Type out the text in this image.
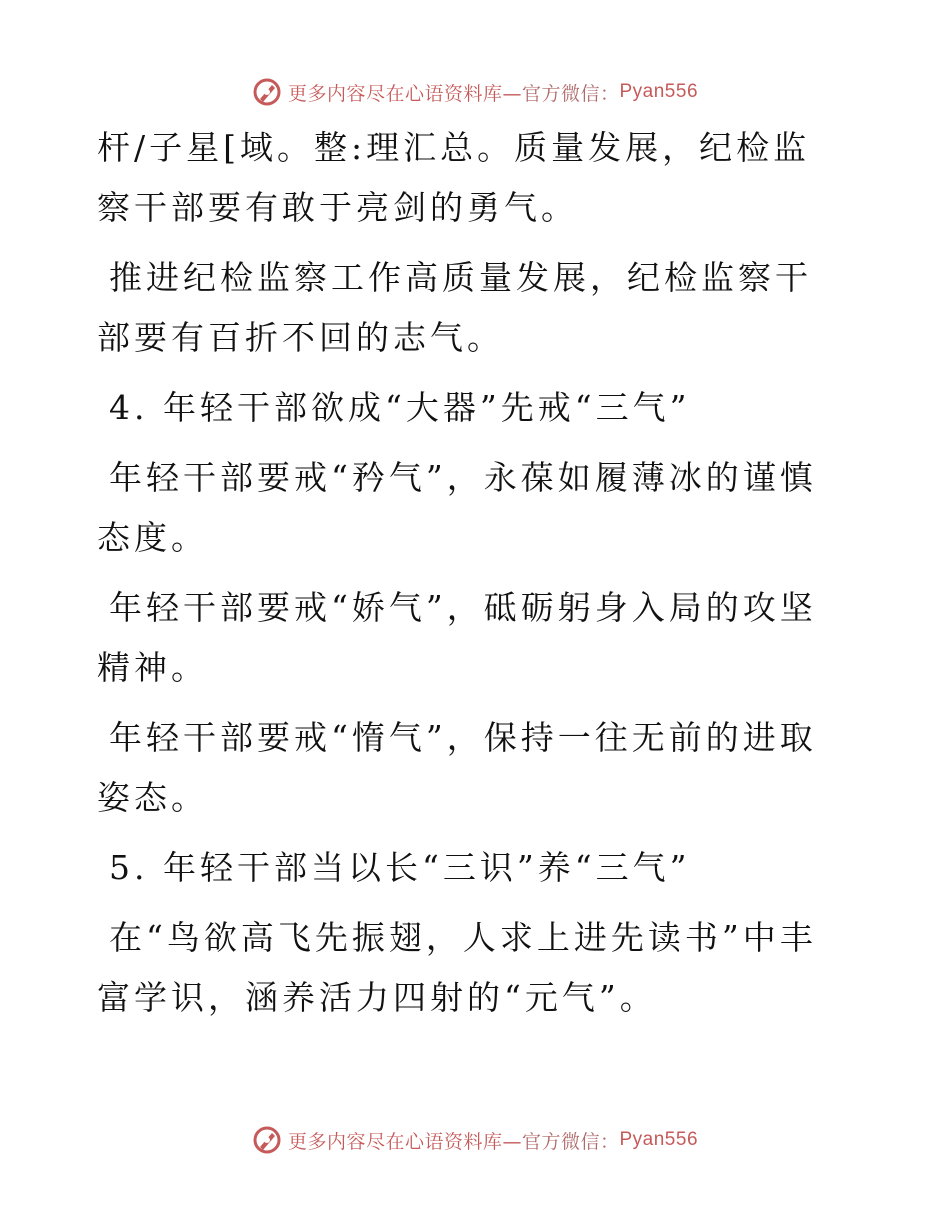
更多内容尽在心语资料库— 官方微信： Pyan556

杆/子星[域。整:理汇总。质量发展，纪检监察干部要有敢于亮剑的勇气。

推进纪检监察工作高质量发展，纪检监察干部要有百折不回的志气。

4. 年轻干部欲成“大器”先戒“三气”

年轻干部要戒“矜气”，永葆如履薄冰的谨慎态度。

年轻干部要戒“娇气”，砥砺躬身入局的攻坚精神。

年轻干部要戒“惰气”，保持一往无前的进取姿态。

5. 年轻干部当以长“三识”养“三气”

在“鸟欲高飞先振翅，人求上进先读书”中丰富学识，涵养活力四射的“元气”。

更多内容尽在心语资料库— 官方微信： Pyan556
